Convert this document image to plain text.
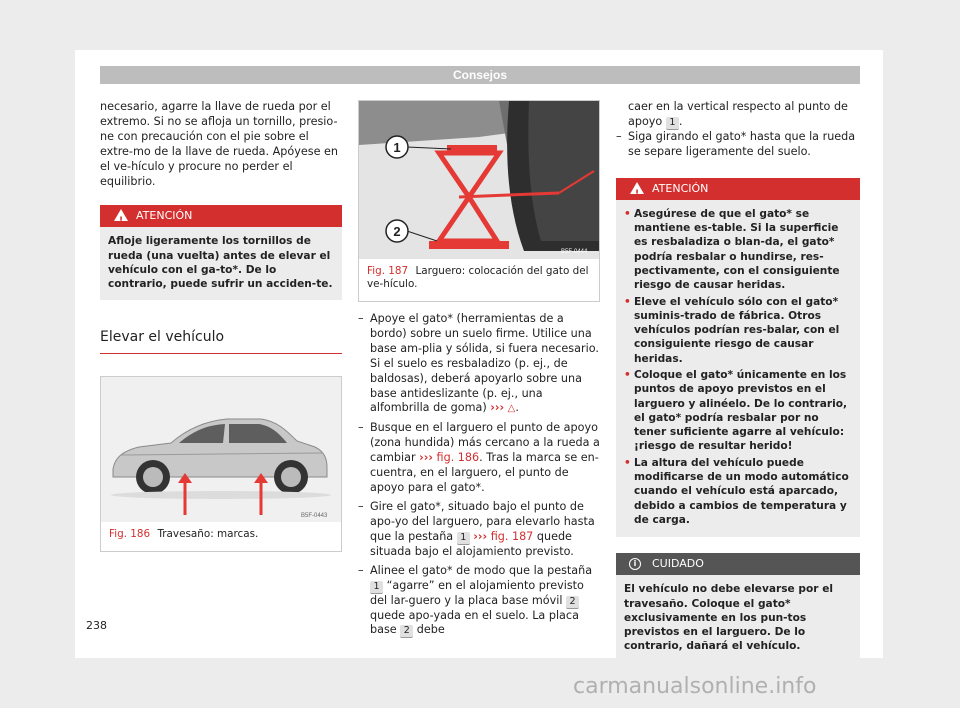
Consejos

necesario, agarre la llave de rueda por el extremo. Si no se afloja un tornillo, presio-ne con precaución con el pie sobre el extre-mo de la llave de rueda. Apóyese en el ve-hículo y procure no perder el equilibrio.

!
ATENCIÓN
Afloje ligeramente los tornillos de rueda (una vuelta) antes de elevar el vehículo con el ga-to*. De lo contrario, puede sufrir un acciden-te.
Elevar el vehículo
B5F-0443
Fig. 186 Travesaño: marcas.
1
2
B5F-0444
Fig. 187 Larguero: colocación del gato del ve-hículo.
– Apoye el gato* (herramientas de a bordo) sobre un suelo firme. Utilice una base am-plia y sólida, si fuera necesario. Si el suelo es resbaladizo (p. ej., de baldosas), deberá apoyarlo sobre una base antideslizante (p. ej., una alfombrilla de goma) ››› △.
– Busque en el larguero el punto de apoyo (zona hundida) más cercano a la rueda a cambiar ››› fig. 186. Tras la marca se en-cuentra, en el larguero, el punto de apoyo para el gato*.
– Gire el gato*, situado bajo el punto de apo-yo del larguero, para elevarlo hasta que la pestaña 1 ››› fig. 187 quede situada bajo el alojamiento previsto.
– Alinee el gato* de modo que la pestaña 1 “agarre” en el alojamiento previsto del lar-guero y la placa base móvil 2 quede apo-yada en el suelo. La placa base 2 debe
caer en la vertical respecto al punto de apoyo 1 .
– Siga girando el gato* hasta que la rueda se separe ligeramente del suelo.
!
ATENCIÓN
• Asegúrese de que el gato* se mantiene es-table. Si la superficie es resbaladiza o blan-da, el gato* podría resbalar o hundirse, res-pectivamente, con el consiguiente riesgo de causar heridas.
• Eleve el vehículo sólo con el gato* suminis-trado de fábrica. Otros vehículos podrían res-balar, con el consiguiente riesgo de causar heridas.
• Coloque el gato* únicamente en los puntos de apoyo previstos en el larguero y alinéelo. De lo contrario, el gato* podría resbalar por no tener suficiente agarre al vehículo: ¡riesgo de resultar herido!
• La altura del vehículo puede modificarse de un modo automático cuando el vehículo está aparcado, debido a cambios de temperatura y de carga.
i	CUIDADO
El vehículo no debe elevarse por el travesaño. Coloque el gato* exclusivamente en los pun-tos previstos en el larguero. De lo contrario, dañará el vehículo.
238
carmanualsonline.info
